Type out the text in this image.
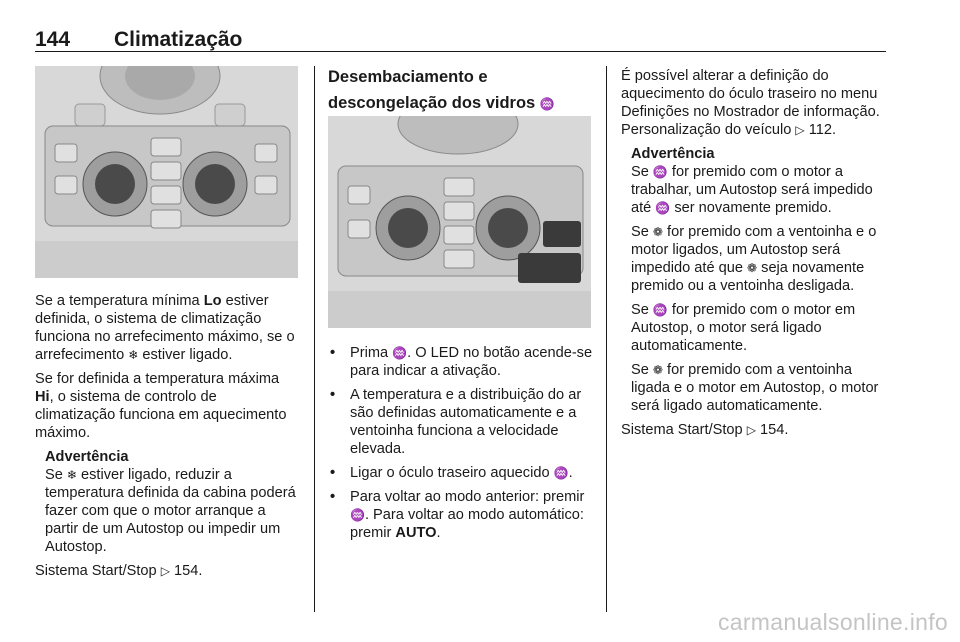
144 Climatização

Se a temperatura mínima Lo estiver definida, o sistema de climatização funciona no arrefecimento máximo, se o arrefecimento ❄ estiver ligado.

Se for definida a temperatura máxima Hi, o sistema de controlo de climatização funciona em aquecimento máximo.

Advertência

Se ❄ estiver ligado, reduzir a temperatura definida da cabina poderá fazer com que o motor arranque a partir de um Autostop ou impedir um Autostop.

Sistema Start/Stop ▷ 154.

Desembaciamento e

descongelação dos vidros ♒

• Prima ♒. O LED no botão acende-se para indicar a ativação.
• A temperatura e a distribuição do ar são definidas automaticamente e a ventoinha funciona a velocidade elevada.
• Ligar o óculo traseiro aquecido ♒.
• Para voltar ao modo anterior: premir ♒. Para voltar ao modo automático: premir AUTO.

É possível alterar a definição do aquecimento do óculo traseiro no menu Definições no Mostrador de informação. Personalização do veículo ▷ 112.

Advertência

Se ♒ for premido com o motor a trabalhar, um Autostop será impedido até ♒ ser novamente premido.

Se ❁ for premido com a ventoinha e o motor ligados, um Autostop será impedido até que ❁ seja novamente premido ou a ventoinha desligada.

Se ♒ for premido com o motor em Autostop, o motor será ligado automaticamente.

Se ❁ for premido com a ventoinha ligada e o motor em Autostop, o motor será ligado automaticamente.

Sistema Start/Stop ▷ 154.

carmanualsonline.info
